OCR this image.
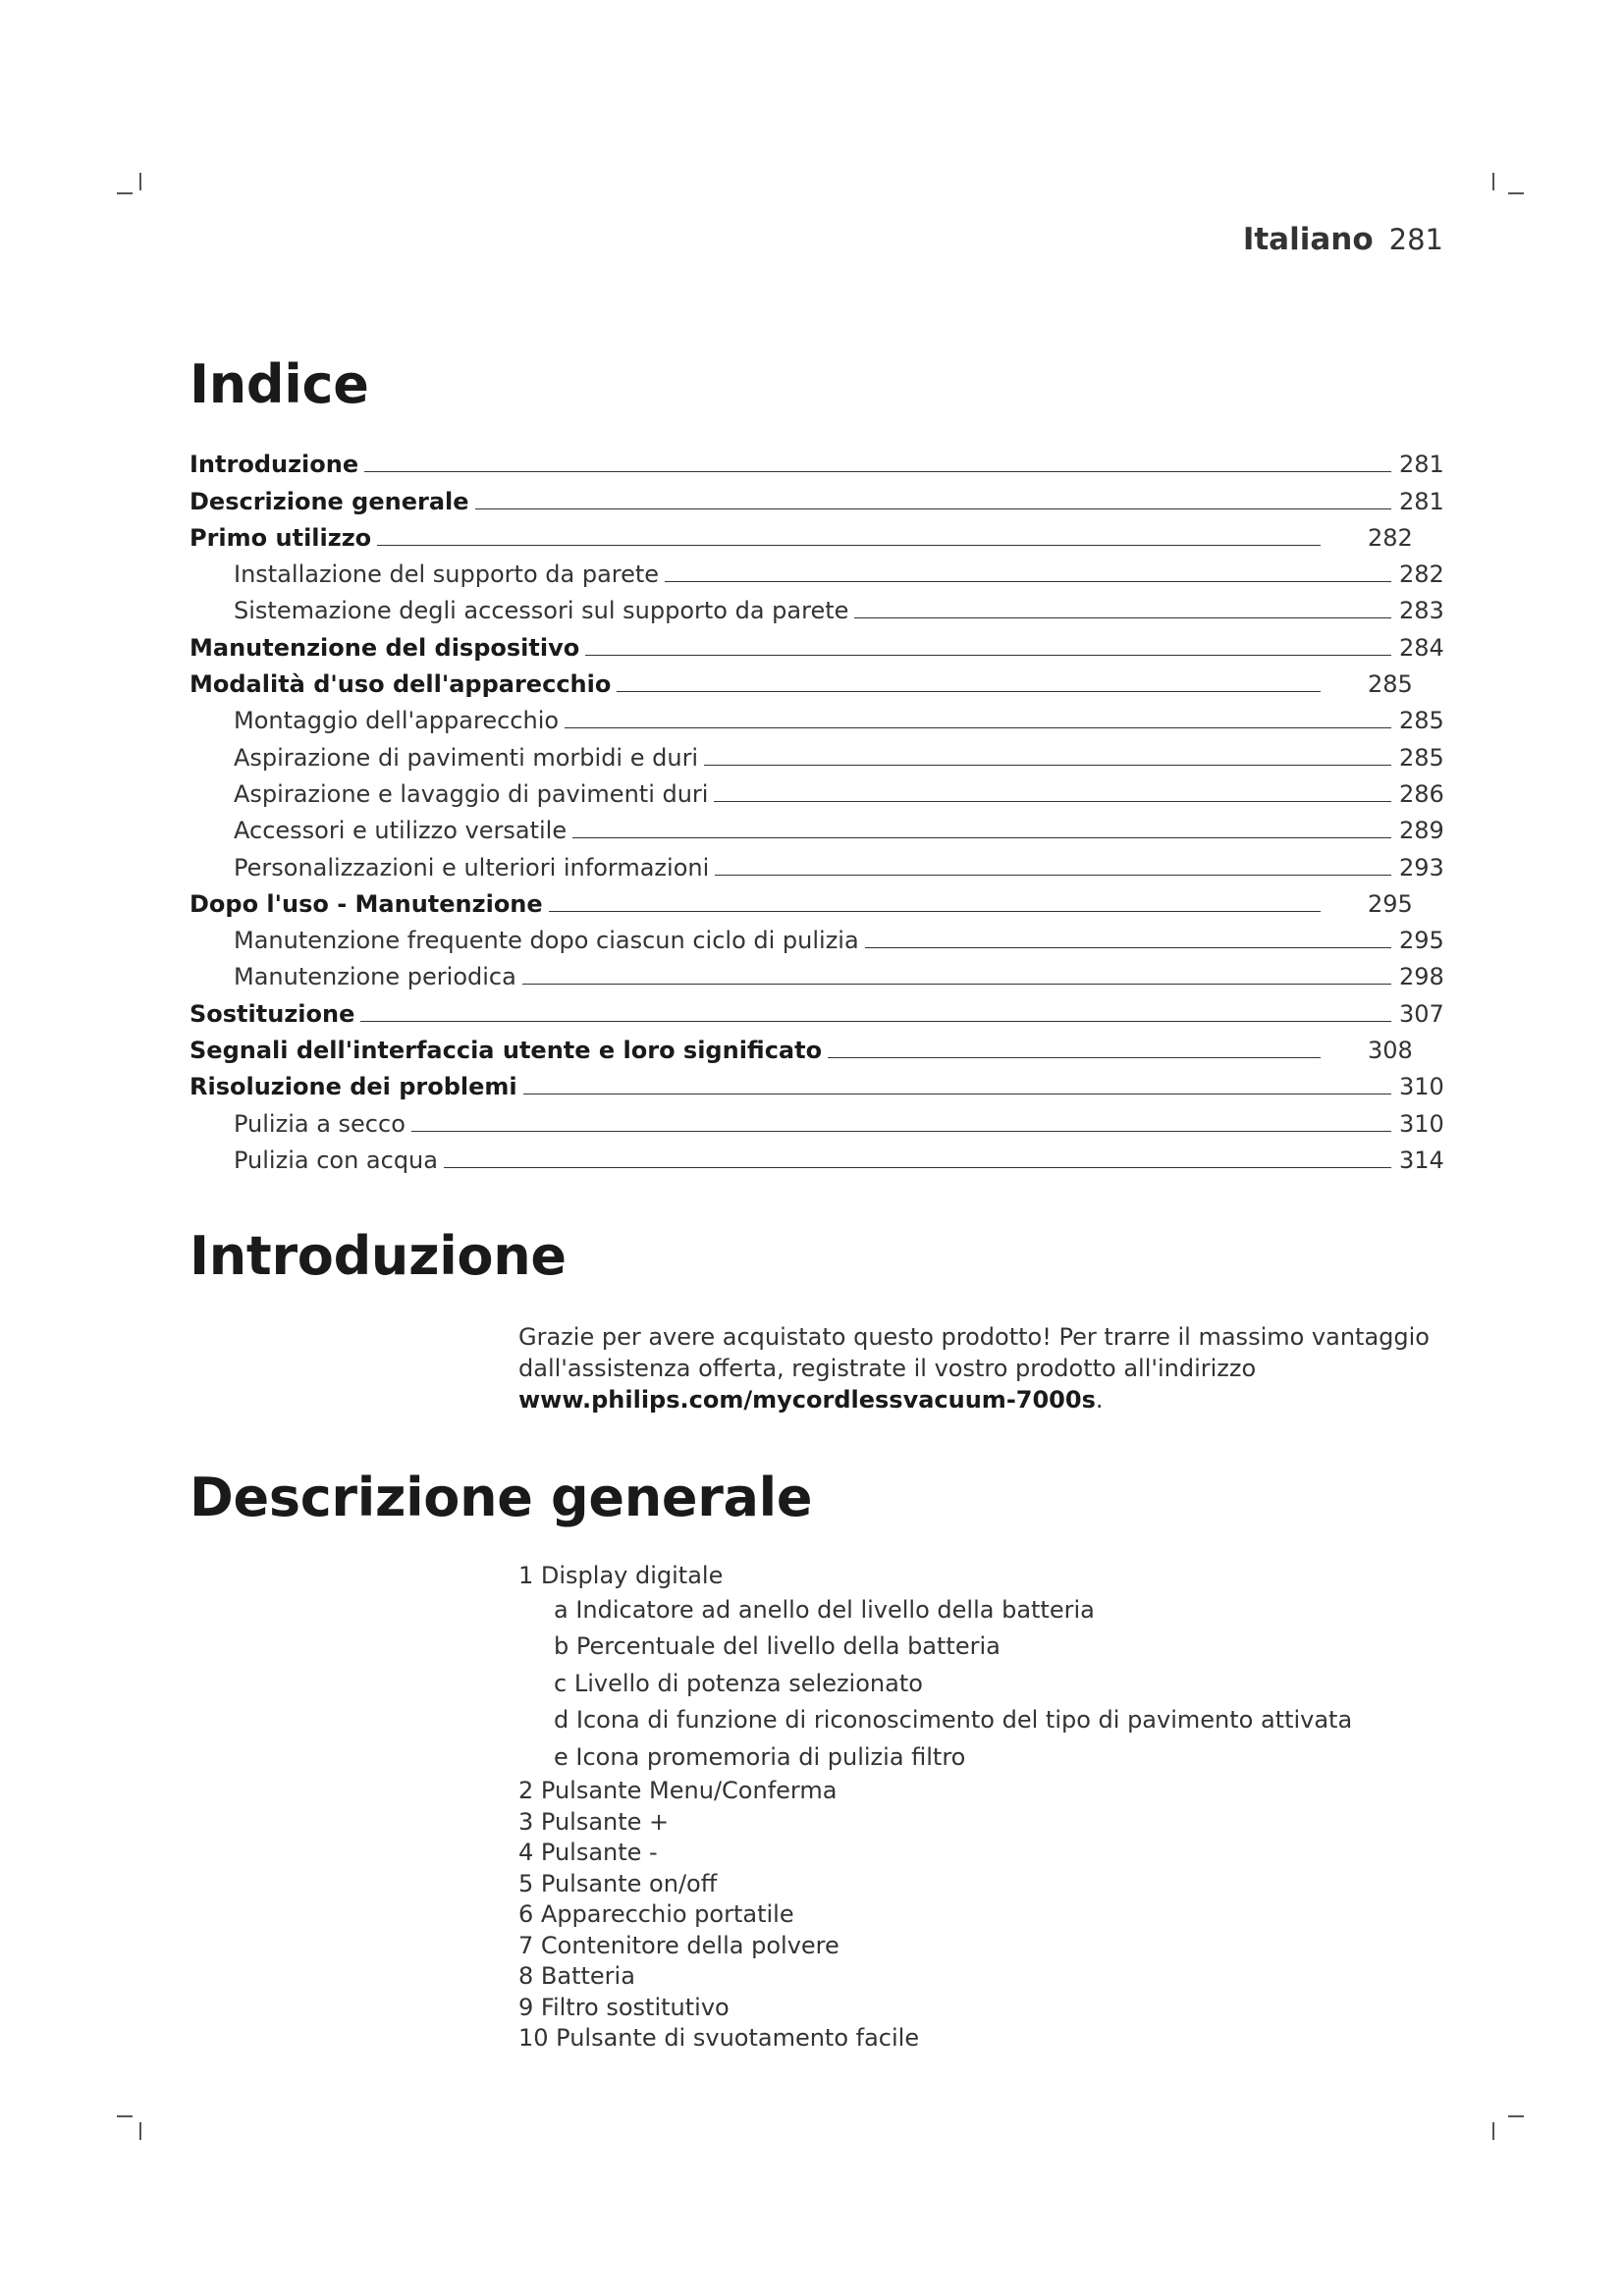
Italiano 281
Indice
Introduzione	281
Descrizione generale	281
Primo utilizzo	282
Installazione del supporto da parete	282
Sistemazione degli accessori sul supporto da parete	283
Manutenzione del dispositivo	284
Modalità d'uso dell'apparecchio	285
Montaggio dell'apparecchio	285
Aspirazione di pavimenti morbidi e duri	285
Aspirazione e lavaggio di pavimenti duri	286
Accessori e utilizzo versatile	289
Personalizzazioni e ulteriori informazioni	293
Dopo l'uso - Manutenzione	295
Manutenzione frequente dopo ciascun ciclo di pulizia	295
Manutenzione periodica	298
Sostituzione	307
Segnali dell'interfaccia utente e loro significato	308
Risoluzione dei problemi	310
Pulizia a secco	310
Pulizia con acqua	314
Introduzione
Grazie per avere acquistato questo prodotto! Per trarre il massimo vantaggio dall'assistenza offerta, registrate il vostro prodotto all'indirizzo
www.philips.com/mycordlessvacuum-7000s.
Descrizione generale
1 Display digitale
a Indicatore ad anello del livello della batteria
b Percentuale del livello della batteria
c Livello di potenza selezionato
d Icona di funzione di riconoscimento del tipo di pavimento attivata
e Icona promemoria di pulizia filtro
2 Pulsante Menu/Conferma
3 Pulsante +
4 Pulsante -
5 Pulsante on/off
6 Apparecchio portatile
7 Contenitore della polvere
8 Batteria
9 Filtro sostitutivo
10 Pulsante di svuotamento facile
